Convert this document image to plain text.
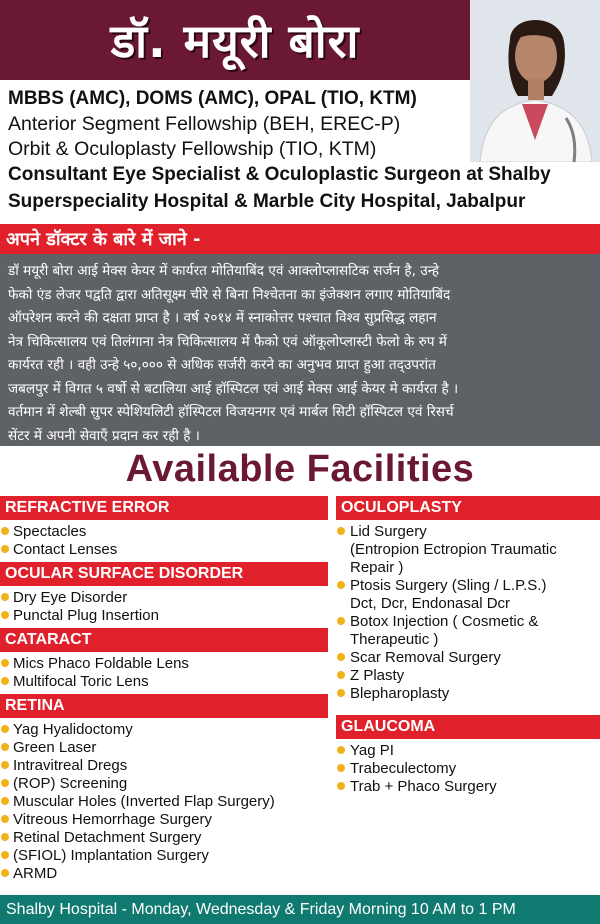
डॉ. मयूरी बोरा
MBBS (AMC), DOMS (AMC), OPAL (TIO, KTM)
Anterior Segment Fellowship (BEH, EREC-P)
Orbit & Oculoplasty Fellowship (TIO, KTM)
Consultant Eye Specialist & Oculoplastic Surgeon at Shalby
Superspeciality Hospital & Marble City Hospital, Jabalpur
अपने डॉक्टर के बारे में जाने -
डॉ मयूरी बोरा आई मेक्स केयर में कार्यरत मोतियाबिंद एवं आक्लोप्लासटिक सर्जन है, उन्हे
फेको एंड लेजर पद्वति द्वारा अतिसूक्ष्म चीरे से बिना निश्चेतना का इंजेक्शन लगाए मोतियाबिंद
ऑपरेशन करने की दक्षता प्राप्त है । वर्ष २०१४ में स्नाकोत्तर पश्चात विश्व सुप्रसिद्ध लहान
नेत्र चिकित्सालय एवं तिलंगाना नेत्र चिकित्सालय में फैको एवं ऑकूलोप्लास्टी फेलो के रुप में
कार्यरत रही । वही उन्हे ५०,००० से अधिक सर्जरी करने का अनुभव प्राप्त हुआ तद्उपरांत
जबलपुर में विगत ५ वर्षो से बटालिया आई हॉस्पिटल एवं आई मेक्स आई केयर मे कार्यरत है ।
वर्तमान में शेल्बी सुपर स्पेशियलिटी हॉस्पिटल विजयनगर एवं मार्बल सिटी हॉस्पिटल एवं रिसर्च
सेंटर में अपनी सेवाएँ प्रदान कर रही है ।
Available Facilities
REFRACTIVE ERROR
Spectacles
Contact Lenses
OCULAR SURFACE DISORDER
Dry Eye Disorder
Punctal Plug Insertion
CATARACT
Mics Phaco Foldable Lens
Multifocal Toric Lens
RETINA
Yag Hyalidoctomy
Green Laser
Intravitreal Dregs
(ROP) Screening
Muscular Holes (Inverted Flap Surgery)
Vitreous Hemorrhage Surgery
Retinal Detachment Surgery
(SFIOL) Implantation Surgery
ARMD
OCULOPLASTY
Lid Surgery
(Entropion Ectropion Traumatic
Repair )
Ptosis Surgery (Sling / L.P.S.)
Dct, Dcr, Endonasal Dcr
Botox Injection ( Cosmetic &
Therapeutic )
Scar Removal Surgery
Z Plasty
Blepharoplasty
GLAUCOMA
Yag PI
Trabeculectomy
Trab + Phaco Surgery
Shalby Hospital - Monday, Wednesday & Friday Morning 10 AM to 1 PM
